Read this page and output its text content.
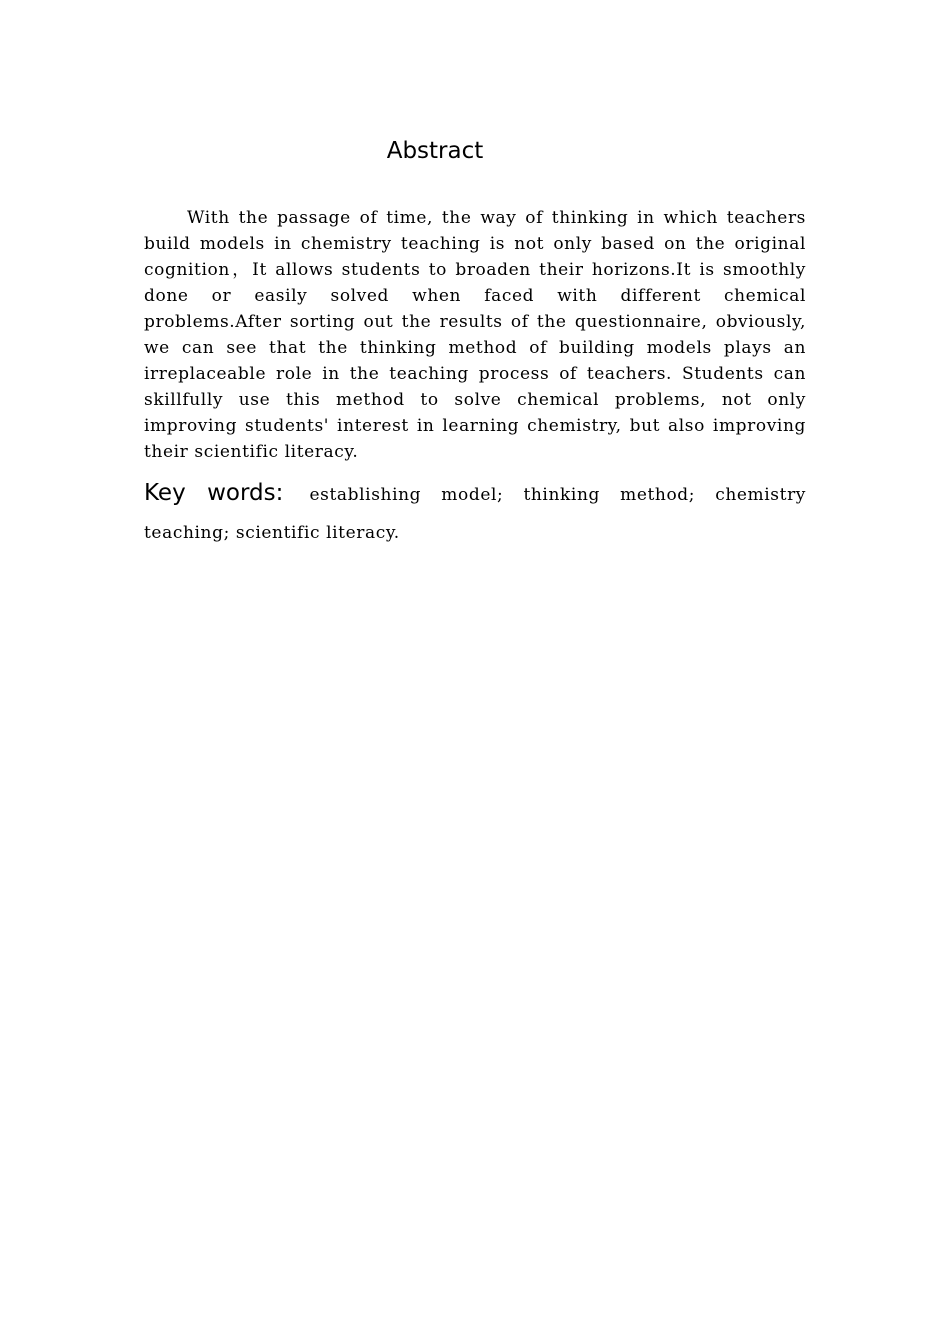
Abstract

With the passage of time, the way of thinking in which teachers build models in chemistry teaching is not only based on the original cognition，It allows students to broaden their horizons.It is smoothly done or easily solved when faced with different chemical problems.After sorting out the results of the questionnaire, obviously, we can see that the thinking method of building models plays an irreplaceable role in the teaching process of teachers. Students can skillfully use this method to solve chemical problems, not only improving students' interest in learning chemistry, but also improving their scientific literacy.

Key words: establishing model; thinking method; chemistry teaching; scientific literacy.
